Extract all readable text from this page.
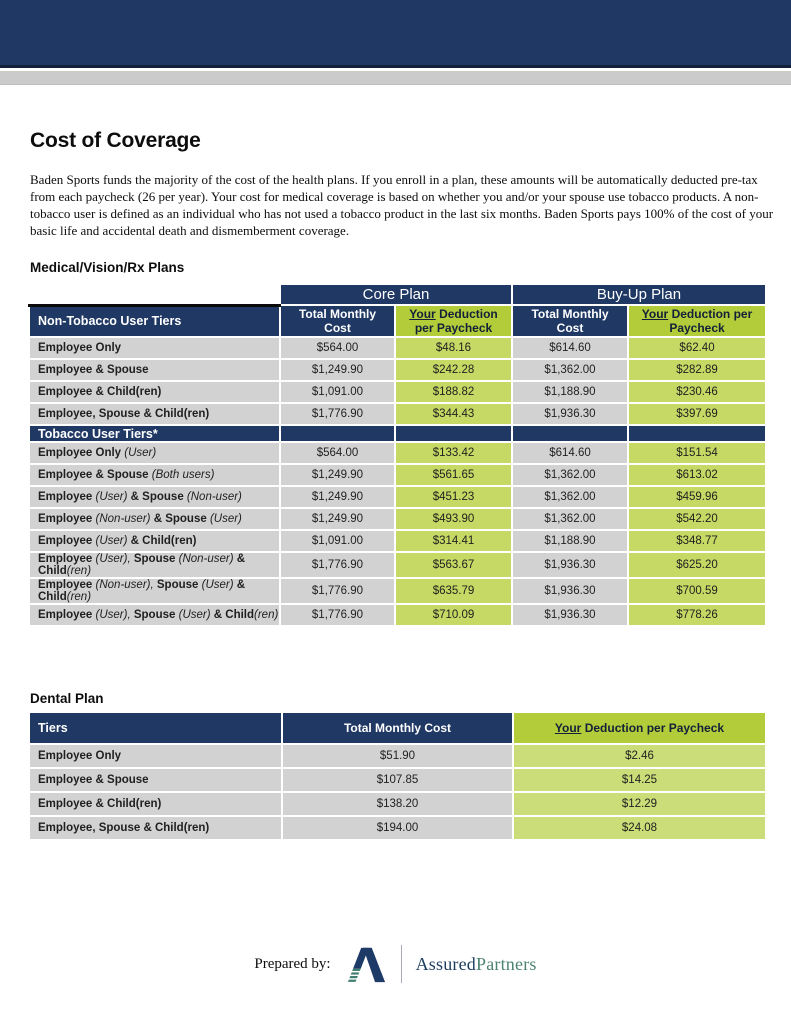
Cost of Coverage

Baden Sports funds the majority of the cost of the health plans. If you enroll in a plan, these amounts will be automatically deducted pre-tax from each paycheck (26 per year). Your cost for medical coverage is based on whether you and/or your spouse use tobacco products. A non-tobacco user is defined as an individual who has not used a tobacco product in the last six months. Baden Sports pays 100% of the cost of your basic life and accidental death and dismemberment coverage.

Medical/Vision/Rx Plans
	Core Plan		Buy-Up Plan	
Non-Tobacco User Tiers	Total Monthly Cost	Your Deduction per Paycheck	Total Monthly Cost	Your Deduction per Paycheck
Employee Only	$564.00	$48.16	$614.60	$62.40
Employee & Spouse	$1,249.90	$242.28	$1,362.00	$282.89
Employee & Child(ren)	$1,091.00	$188.82	$1,188.90	$230.46
Employee, Spouse & Child(ren)	$1,776.90	$344.43	$1,936.30	$397.69
Tobacco User Tiers*				
Employee Only (User)	$564.00	$133.42	$614.60	$151.54
Employee & Spouse (Both users)	$1,249.90	$561.65	$1,362.00	$613.02
Employee (User) & Spouse (Non-user)	$1,249.90	$451.23	$1,362.00	$459.96
Employee (Non-user) & Spouse (User)	$1,249.90	$493.90	$1,362.00	$542.20
Employee (User) & Child(ren)	$1,091.00	$314.41	$1,188.90	$348.77
Employee (User), Spouse (Non-user) & Child(ren)	$1,776.90	$563.67	$1,936.30	$625.20
Employee (Non-user), Spouse (User) & Child(ren)	$1,776.90	$635.79	$1,936.30	$700.59
Employee (User), Spouse (User) & Child(ren)	$1,776.90	$710.09	$1,936.30	$778.26
Dental Plan
Tiers	Total Monthly Cost	Your Deduction per Paycheck
Employee Only	$51.90	$2.46
Employee & Spouse	$107.85	$14.25
Employee & Child(ren)	$138.20	$12.29
Employee, Spouse & Child(ren)	$194.00	$24.08
Prepared by:	AssuredPartners
